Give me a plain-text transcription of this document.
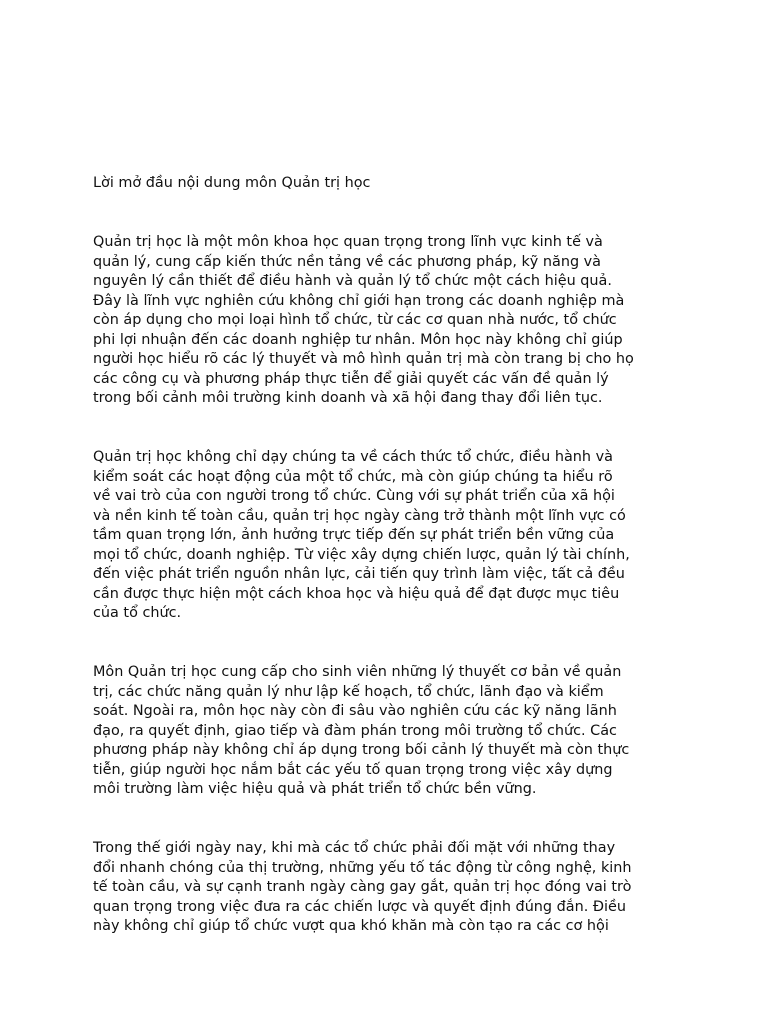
Lời mở đầu nội dung môn Quản trị học
Quản trị học là một môn khoa học quan trọng trong lĩnh vực kinh tế và
quản lý, cung cấp kiến thức nền tảng về các phương pháp, kỹ năng và
nguyên lý cần thiết để điều hành và quản lý tổ chức một cách hiệu quả.
Đây là lĩnh vực nghiên cứu không chỉ giới hạn trong các doanh nghiệp mà
còn áp dụng cho mọi loại hình tổ chức, từ các cơ quan nhà nước, tổ chức
phi lợi nhuận đến các doanh nghiệp tư nhân. Môn học này không chỉ giúp
người học hiểu rõ các lý thuyết và mô hình quản trị mà còn trang bị cho họ
các công cụ và phương pháp thực tiễn để giải quyết các vấn đề quản lý
trong bối cảnh môi trường kinh doanh và xã hội đang thay đổi liên tục.
Quản trị học không chỉ dạy chúng ta về cách thức tổ chức, điều hành và
kiểm soát các hoạt động của một tổ chức, mà còn giúp chúng ta hiểu rõ
về vai trò của con người trong tổ chức. Cùng với sự phát triển của xã hội
và nền kinh tế toàn cầu, quản trị học ngày càng trở thành một lĩnh vực có
tầm quan trọng lớn, ảnh hưởng trực tiếp đến sự phát triển bền vững của
mọi tổ chức, doanh nghiệp. Từ việc xây dựng chiến lược, quản lý tài chính,
đến việc phát triển nguồn nhân lực, cải tiến quy trình làm việc, tất cả đều
cần được thực hiện một cách khoa học và hiệu quả để đạt được mục tiêu
của tổ chức.
Môn Quản trị học cung cấp cho sinh viên những lý thuyết cơ bản về quản
trị, các chức năng quản lý như lập kế hoạch, tổ chức, lãnh đạo và kiểm
soát. Ngoài ra, môn học này còn đi sâu vào nghiên cứu các kỹ năng lãnh
đạo, ra quyết định, giao tiếp và đàm phán trong môi trường tổ chức. Các
phương pháp này không chỉ áp dụng trong bối cảnh lý thuyết mà còn thực
tiễn, giúp người học nắm bắt các yếu tố quan trọng trong việc xây dựng
môi trường làm việc hiệu quả và phát triển tổ chức bền vững.
Trong thế giới ngày nay, khi mà các tổ chức phải đối mặt với những thay
đổi nhanh chóng của thị trường, những yếu tố tác động từ công nghệ, kinh
tế toàn cầu, và sự cạnh tranh ngày càng gay gắt, quản trị học đóng vai trò
quan trọng trong việc đưa ra các chiến lược và quyết định đúng đắn. Điều
này không chỉ giúp tổ chức vượt qua khó khăn mà còn tạo ra các cơ hội
